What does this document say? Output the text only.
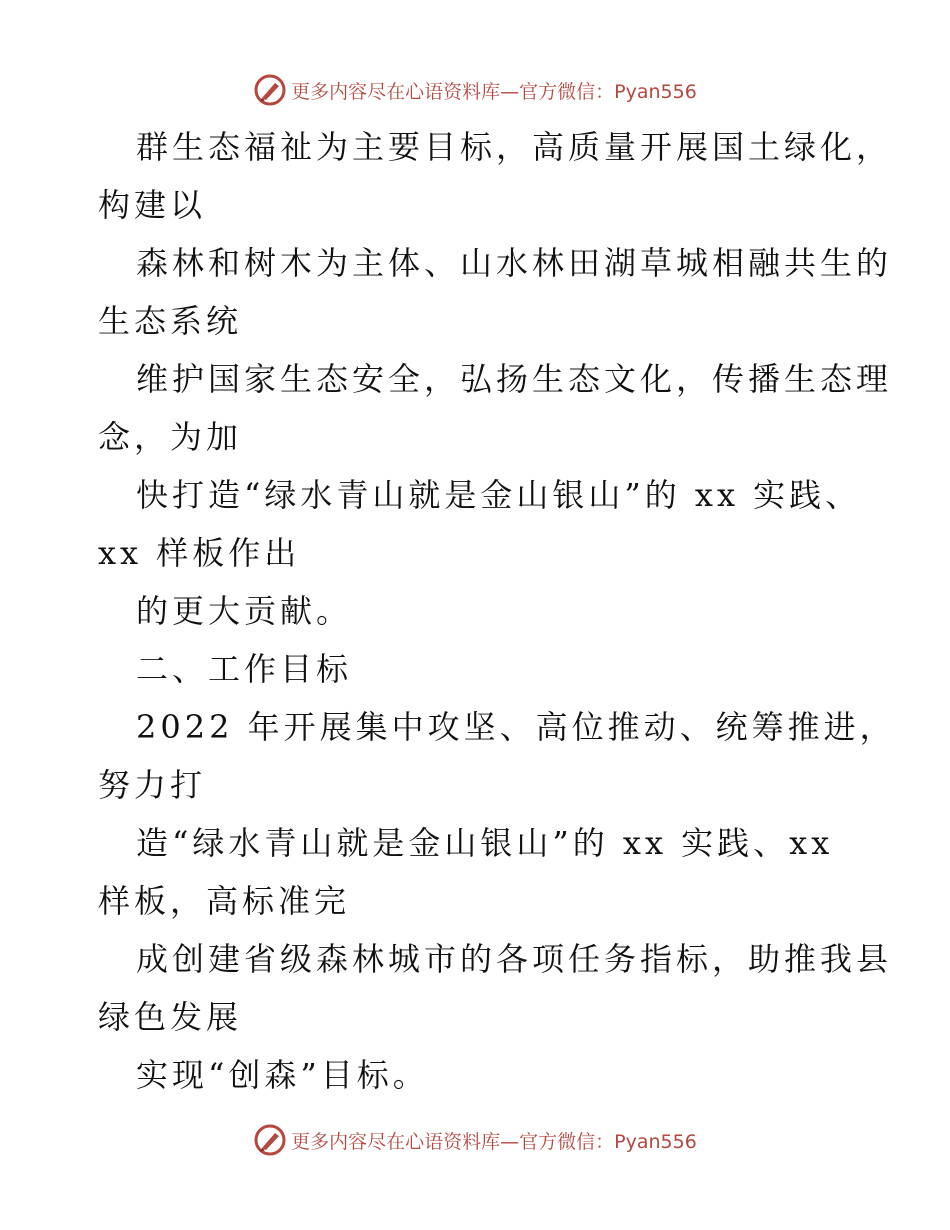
更多内容尽在心语资料库—官方微信：Pyan556
群生态福祉为主要目标，高质量开展国土绿化，
构建以
森林和树木为主体、山水林田湖草城相融共生的
生态系统
维护国家生态安全，弘扬生态文化，传播生态理
念，为加
快打造“绿水青山就是金山银山”的 xx 实践、
xx 样板作出
的更大贡献。
二、工作目标
2022 年开展集中攻坚、高位推动、统筹推进，
努力打
造“绿水青山就是金山银山”的 xx 实践、xx
样板，高标准完
成创建省级森林城市的各项任务指标，助推我县
绿色发展
实现“创森”目标。
更多内容尽在心语资料库—官方微信：Pyan556
